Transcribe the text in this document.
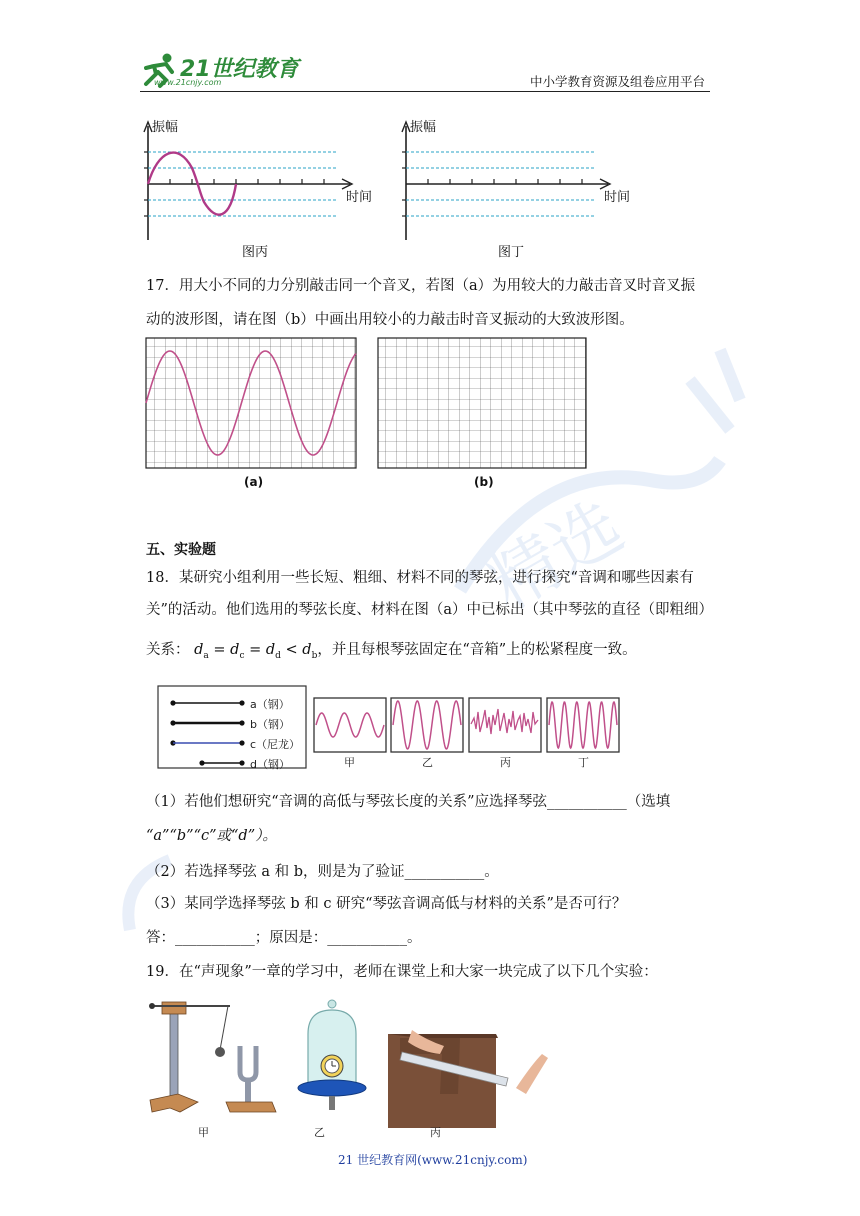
精选
21世纪教育
www.21cnjy.com	中小学教育资源及组卷应用平台
振幅
时间
图丙
振幅
时间
图丁
17．用大小不同的力分别敲击同一个音叉，若图（a）为用较大的力敲击音叉时音叉振
动的波形图，请在图（b）中画出用较小的力敲击时音叉振动的大致波形图。
(a)	(b)
五、实验题
18．某研究小组利用一些长短、粗细、材料不同的琴弦，进行探究“音调和哪些因素有
关”的活动。他们选用的琴弦长度、材料在图（a）中已标出（其中琴弦的直径（即粗细）
关系： $d_a = d_c = d_d < d_b$，并且每根琴弦固定在“音箱”上的松紧程度一致。
a（钢）
b（钢）
c（尼龙）
d（钢）	甲	乙	丙	丁
（1）若他们想研究“音调的高低与琴弦长度的关系”应选择琴弦___________（选填
“a”“b”“c”或“d”）。
（2）若选择琴弦 a 和 b，则是为了验证___________。
（3）某同学选择琴弦 b 和 c 研究“琴弦音调高低与材料的关系”是否可行？
答：___________；原因是：___________。
19．在“声现象”一章的学习中，老师在课堂上和大家一块完成了以下几个实验：
甲	乙	丙
21 世纪教育网(www.21cnjy.com)
